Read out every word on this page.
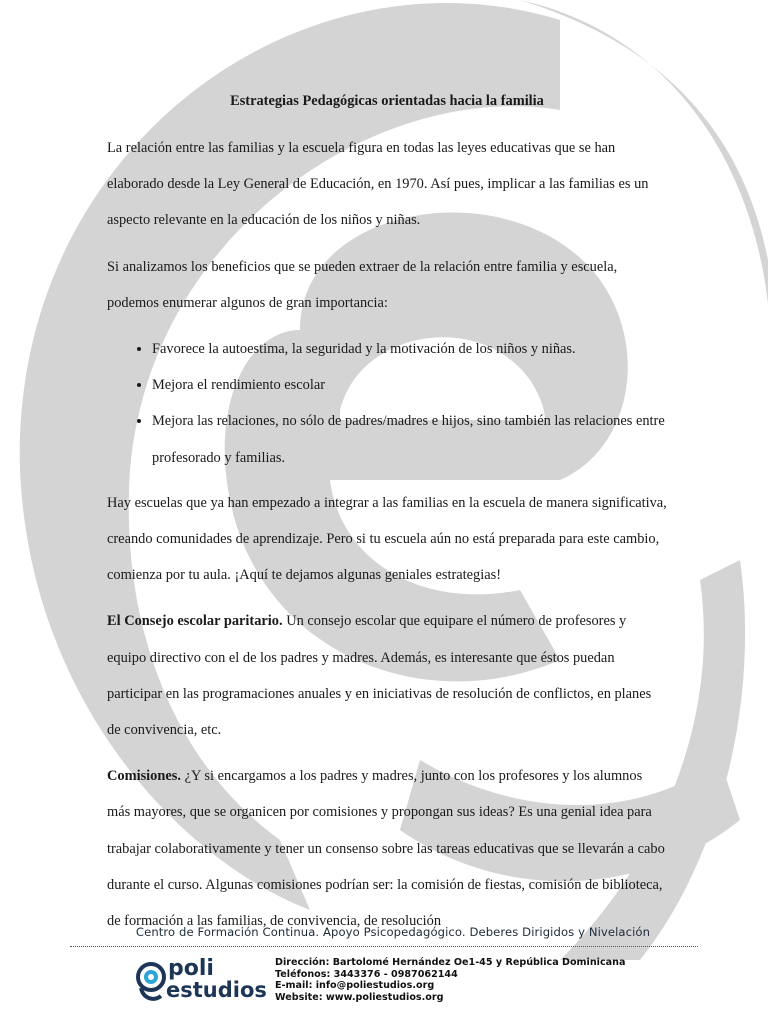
Estrategias Pedagógicas orientadas hacia la familia

La relación entre las familias y la escuela figura en todas las leyes educativas que se han elaborado desde la Ley General de Educación, en 1970. Así pues, implicar a las familias es un aspecto relevante en la educación de los niños y niñas.

Si analizamos los beneficios que se pueden extraer de la relación entre familia y escuela, podemos enumerar algunos de gran importancia:

• Favorece la autoestima, la seguridad y la motivación de los niños y niñas.
• Mejora el rendimiento escolar
• Mejora las relaciones, no sólo de padres/madres e hijos, sino también las relaciones entre profesorado y familias.

Hay escuelas que ya han empezado a integrar a las familias en la escuela de manera significativa, creando comunidades de aprendizaje. Pero si tu escuela aún no está preparada para este cambio, comienza por tu aula. ¡Aquí te dejamos algunas geniales estrategias!

El Consejo escolar paritario. Un consejo escolar que equipare el número de profesores y equipo directivo con el de los padres y madres. Además, es interesante que éstos puedan participar en las programaciones anuales y en iniciativas de resolución de conflictos, en planes de convivencia, etc.

Comisiones. ¿Y si encargamos a los padres y madres, junto con los profesores y los alumnos más mayores, que se organicen por comisiones y propongan sus ideas? Es una genial idea para trabajar colaborativamente y tener un consenso sobre las tareas educativas que se llevarán a cabo durante el curso. Algunas comisiones podrían ser: la comisión de fiestas, comisión de biblioteca, de formación a las familias, de convivencia, de resolución

Centro de Formación Continua. Apoyo Psicopedagógico. Deberes Dirigidos y Nivelación
poli
estudios
Dirección: Bartolomé Hernández Oe1-45 y República Dominicana
Teléfonos: 3443376 - 0987062144
E-mail: info@poliestudios.org
Website: www.poliestudios.org
